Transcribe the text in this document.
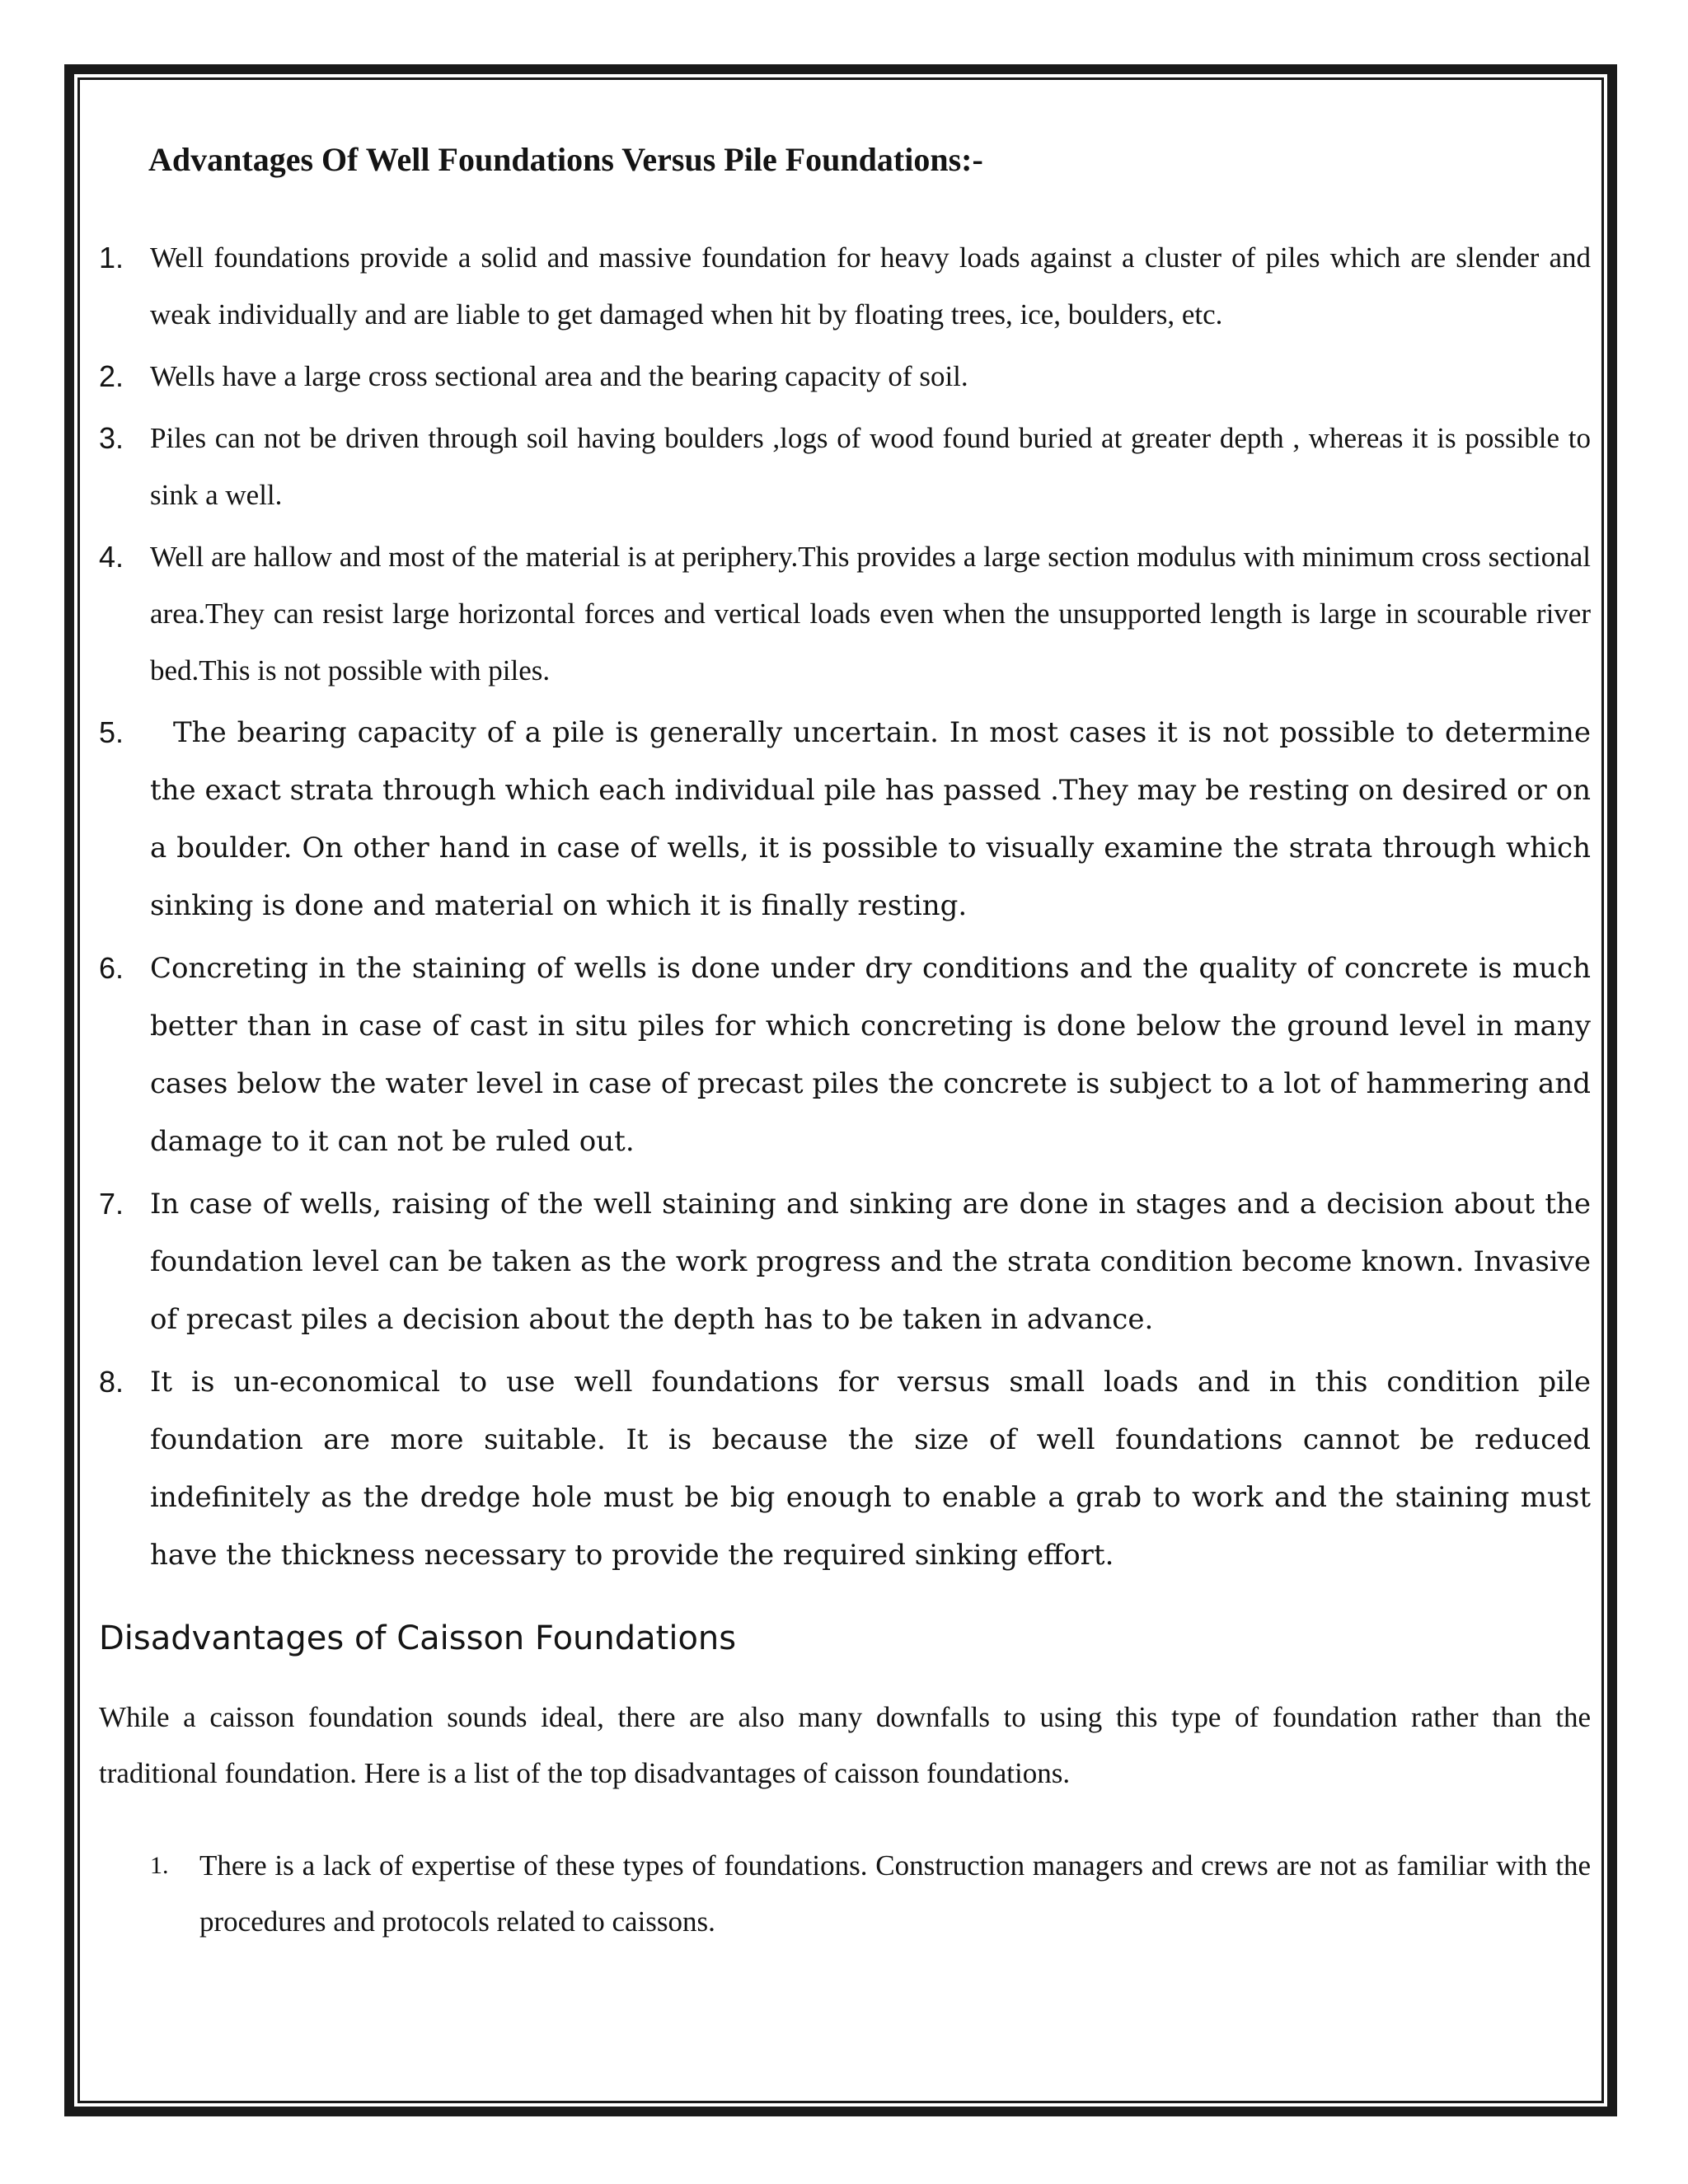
Advantages Of Well Foundations Versus Pile Foundations:-
1. Well foundations provide a solid and massive foundation for heavy loads against a cluster of piles which are slender and weak individually and are liable to get damaged when hit by floating trees, ice, boulders, etc.
2. Wells have a large cross sectional area and the bearing capacity of soil.
3. Piles can not be driven through soil having boulders ,logs of wood found buried at greater depth , whereas it is possible to sink a well.
4. Well are hallow and most of the material is at periphery.This provides a large section modulus with minimum cross sectional area.They can resist large horizontal forces and vertical loads even when the unsupported length is large in scourable river bed.This is not possible with piles.
5. The bearing capacity of a pile is generally uncertain. In most cases it is not possible to determine the exact strata through which each individual pile has passed .They may be resting on desired or on a boulder. On other hand in case of wells, it is possible to visually examine the strata through which sinking is done and material on which it is finally resting.
6. Concreting in the staining of wells is done under dry conditions and the quality of concrete is much better than in case of cast in situ piles for which concreting is done below the ground level in many cases below the water level in case of precast piles the concrete is subject to a lot of hammering and damage to it can not be ruled out.
7. In case of wells, raising of the well staining and sinking are done in stages and a decision about the foundation level can be taken as the work progress and the strata condition become known. Invasive of precast piles a decision about the depth has to be taken in advance.
8. It is un-economical to use well foundations for versus small loads and in this condition pile foundation are more suitable. It is because the size of well foundations cannot be reduced indefinitely as the dredge hole must be big enough to enable a grab to work and the staining must have the thickness necessary to provide the required sinking effort.
Disadvantages of Caisson Foundations

While a caisson foundation sounds ideal, there are also many downfalls to using this type of foundation rather than the traditional foundation. Here is a list of the top disadvantages of caisson foundations.

1. There is a lack of expertise of these types of foundations. Construction managers and crews are not as familiar with the procedures and protocols related to caissons.
